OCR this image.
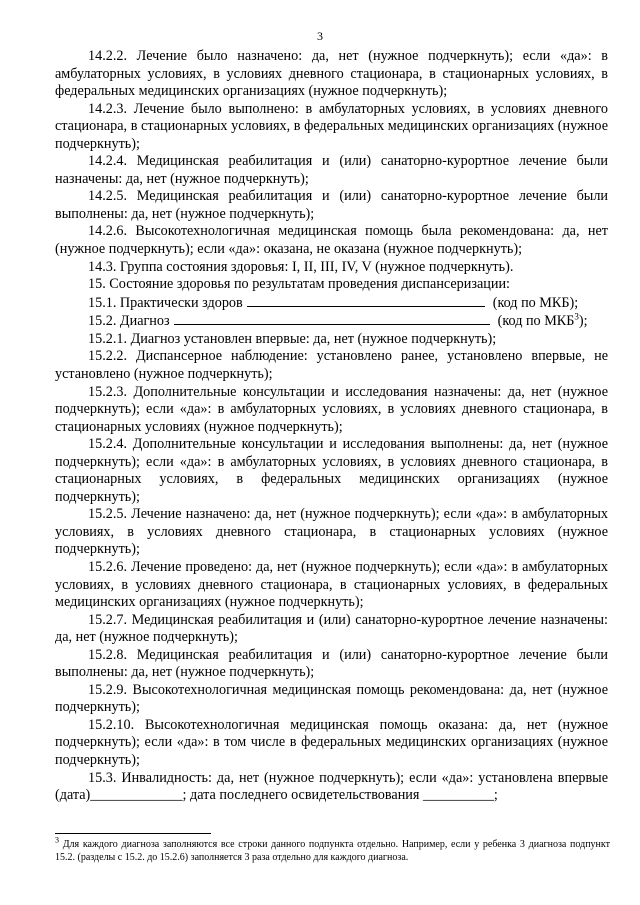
3

14.2.2. Лечение было назначено: да, нет (нужное подчеркнуть); если «да»: в амбулаторных условиях, в условиях дневного стационара, в стационарных условиях, в федеральных медицинских организациях (нужное подчеркнуть);

14.2.3. Лечение было выполнено: в амбулаторных условиях, в условиях дневного стационара, в стационарных условиях, в федеральных медицинских организациях (нужное подчеркнуть);

14.2.4. Медицинская реабилитация и (или) санаторно-курортное лечение были назначены: да, нет (нужное подчеркнуть);

14.2.5. Медицинская реабилитация и (или) санаторно-курортное лечение были выполнены: да, нет (нужное подчеркнуть);

14.2.6. Высокотехнологичная медицинская помощь была рекомендована: да, нет (нужное подчеркнуть); если «да»: оказана, не оказана (нужное подчеркнуть);

14.3. Группа состояния здоровья: I, II, III, IV, V (нужное подчеркнуть).

15. Состояние здоровья по результатам проведения диспансеризации:

15.1. Практически здоров	(код по МКБ);
15.2. Диагноз	(код по МКБ$^3$);

15.2.1. Диагноз установлен впервые: да, нет (нужное подчеркнуть);

15.2.2. Диспансерное наблюдение: установлено ранее, установлено впервые, не установлено (нужное подчеркнуть);

15.2.3. Дополнительные консультации и исследования назначены: да, нет (нужное подчеркнуть); если «да»: в амбулаторных условиях, в условиях дневного стационара, в стационарных условиях (нужное подчеркнуть);

15.2.4. Дополнительные консультации и исследования выполнены: да, нет (нужное подчеркнуть); если «да»: в амбулаторных условиях, в условиях дневного стационара, в стационарных условиях, в федеральных медицинских организациях (нужное подчеркнуть);

15.2.5. Лечение назначено: да, нет (нужное подчеркнуть); если «да»: в амбулаторных условиях, в условиях дневного стационара, в стационарных условиях (нужное подчеркнуть);

15.2.6. Лечение проведено: да, нет (нужное подчеркнуть); если «да»: в амбулаторных условиях, в условиях дневного стационара, в стационарных условиях, в федеральных медицинских организациях (нужное подчеркнуть);

15.2.7. Медицинская реабилитация и (или) санаторно-курортное лечение назначены: да, нет (нужное подчеркнуть);

15.2.8. Медицинская реабилитация и (или) санаторно-курортное лечение были выполнены: да, нет (нужное подчеркнуть);

15.2.9. Высокотехнологичная медицинская помощь рекомендована: да, нет (нужное подчеркнуть);

15.2.10. Высокотехнологичная медицинская помощь оказана: да, нет (нужное подчеркнуть); если «да»: в том числе в федеральных медицинских организациях (нужное подчеркнуть);

15.3. Инвалидность: да, нет (нужное подчеркнуть); если «да»: установлена впервые (дата)_____________; дата последнего освидетельствования __________;

$^3$ Для каждого диагноза заполняются все строки данного подпункта отдельно. Например, если у ребенка 3 диагноза подпункт 15.2. (разделы с 15.2. до 15.2.6) заполняется 3 раза отдельно для каждого диагноза.
